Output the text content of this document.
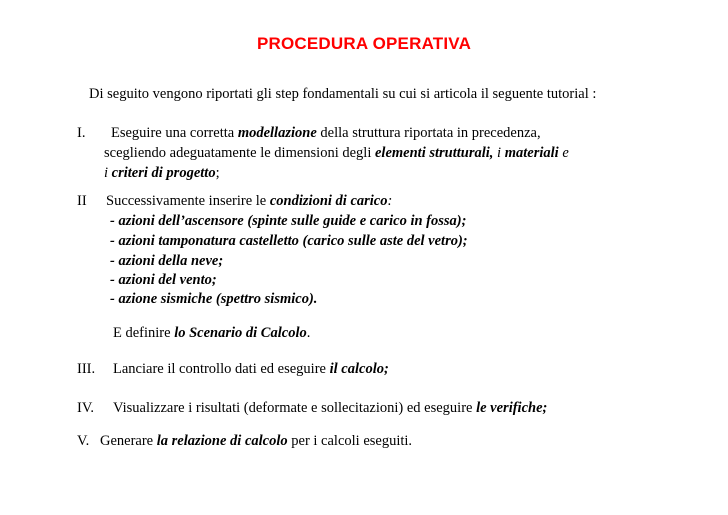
PROCEDURA OPERATIVA
Di seguito vengono riportati gli step fondamentali su cui si articola il seguente tutorial :
I. Eseguire una corretta modellazione della struttura riportata in precedenza,
scegliendo adeguatamente le dimensioni degli elementi strutturali, i materiali e
i criteri di progetto;
II Successivamente inserire le condizioni di carico:
- azioni dell’ascensore (spinte sulle guide e carico in fossa);
- azioni tamponatura castelletto (carico sulle aste del vetro);
- azioni della neve;
- azioni del vento;
- azione sismiche (spettro sismico).
E definire lo Scenario di Calcolo.
III. Lanciare il controllo dati ed eseguire il calcolo;
IV. Visualizzare i risultati (deformate e sollecitazioni) ed eseguire le verifiche;
V. Generare la relazione di calcolo per i calcoli eseguiti.
